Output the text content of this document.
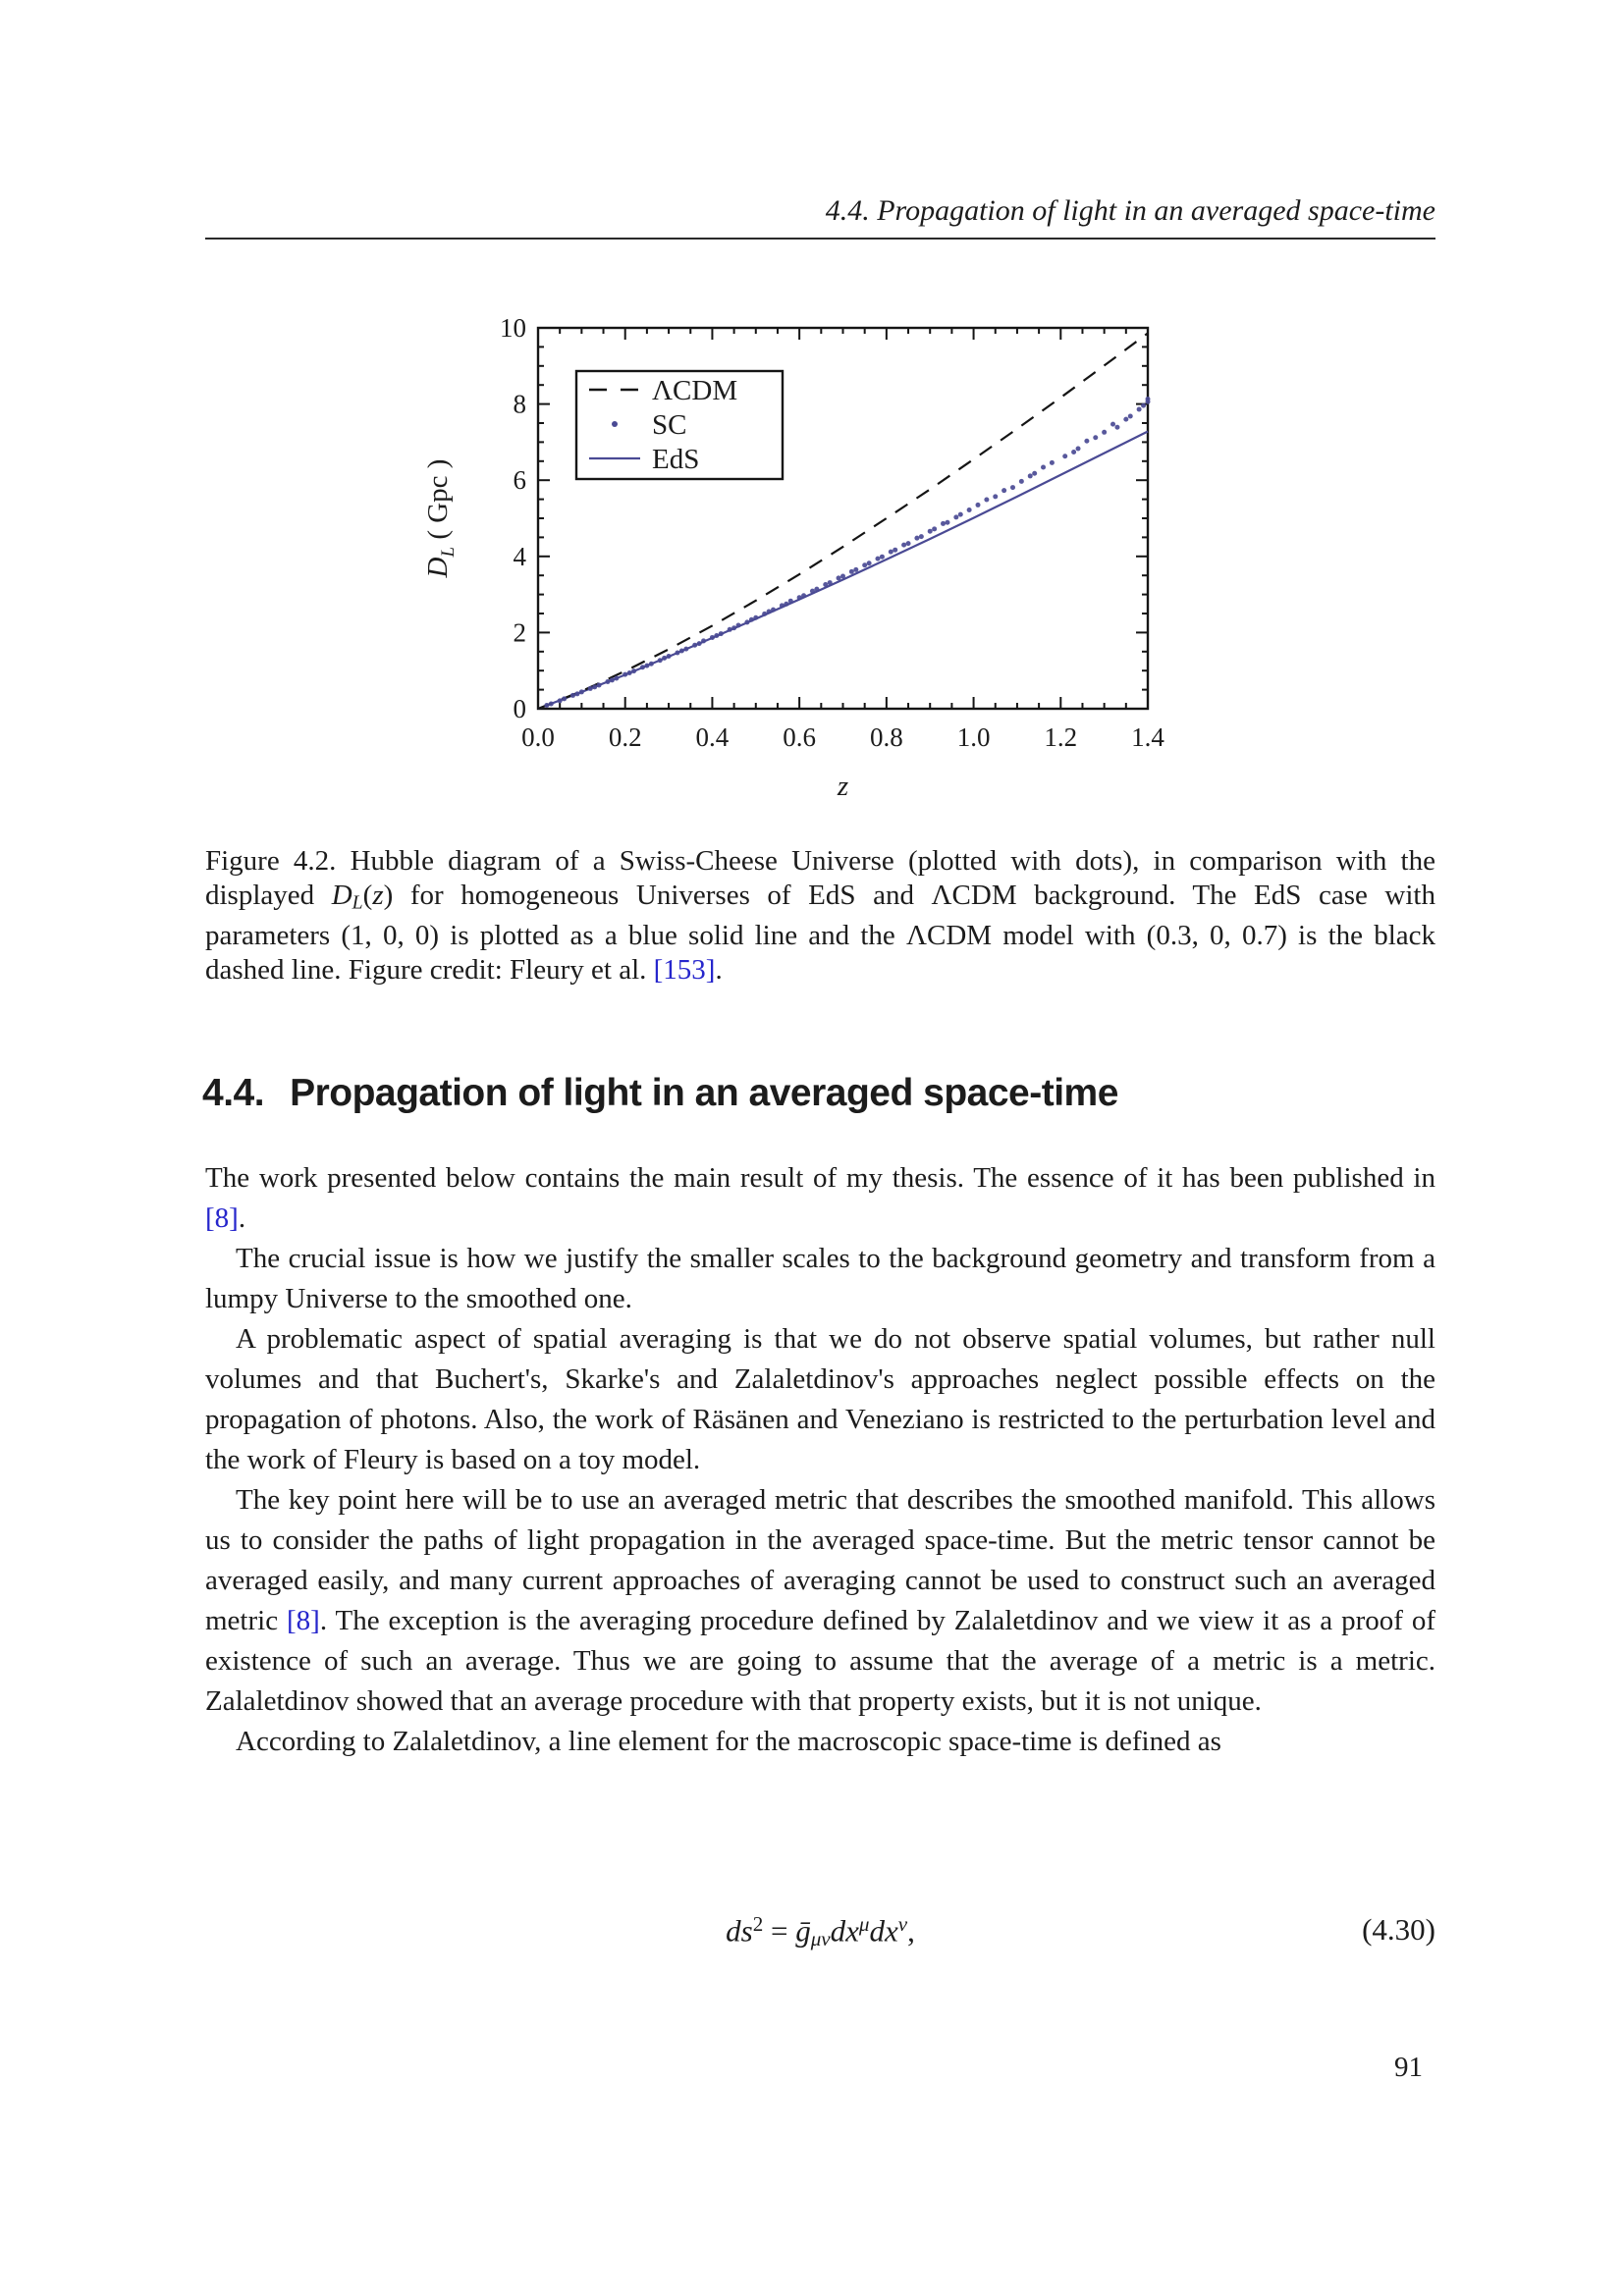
4.4. Propagation of light in an averaged space-time
0.0 0.2 0.4 0.6 0.8 1.0 1.2 1.4
0
2
4
6
8
10
z
$D_L$ ( Gpc )
ΛCDM
SC
EdS

Figure 4.2. Hubble diagram of a Swiss-Cheese Universe (plotted with dots), in comparison with the displayed DL(z) for homogeneous Universes of EdS and ΛCDM background. The EdS case with parameters (1, 0, 0) is plotted as a blue solid line and the ΛCDM model with (0.3, 0, 0.7) is the black dashed line. Figure credit: Fleury et al. [153].

4.4. Propagation of light in an averaged space-time

The work presented below contains the main result of my thesis. The essence of it has been published in [8].

The crucial issue is how we justify the smaller scales to the background geometry and transform from a lumpy Universe to the smoothed one.

A problematic aspect of spatial averaging is that we do not observe spatial volumes, but rather null volumes and that Buchert's, Skarke's and Zalaletdinov's approaches neglect possible effects on the propagation of photons. Also, the work of Räsänen and Veneziano is restricted to the perturbation level and the work of Fleury is based on a toy model.

The key point here will be to use an averaged metric that describes the smoothed manifold. This allows us to consider the paths of light propagation in the averaged space-time. But the metric tensor cannot be averaged easily, and many current approaches of averaging cannot be used to construct such an averaged metric [8]. The exception is the averaging procedure defined by Zalaletdinov and we view it as a proof of existence of such an average. Thus we are going to assume that the average of a metric is a metric. Zalaletdinov showed that an average procedure with that property exists, but it is not unique.

According to Zalaletdinov, a line element for the macroscopic space-time is defined as

$ds^2$ = $ḡ\mu\nu dx^\mu dx^\nu$,	(4.30)
91
